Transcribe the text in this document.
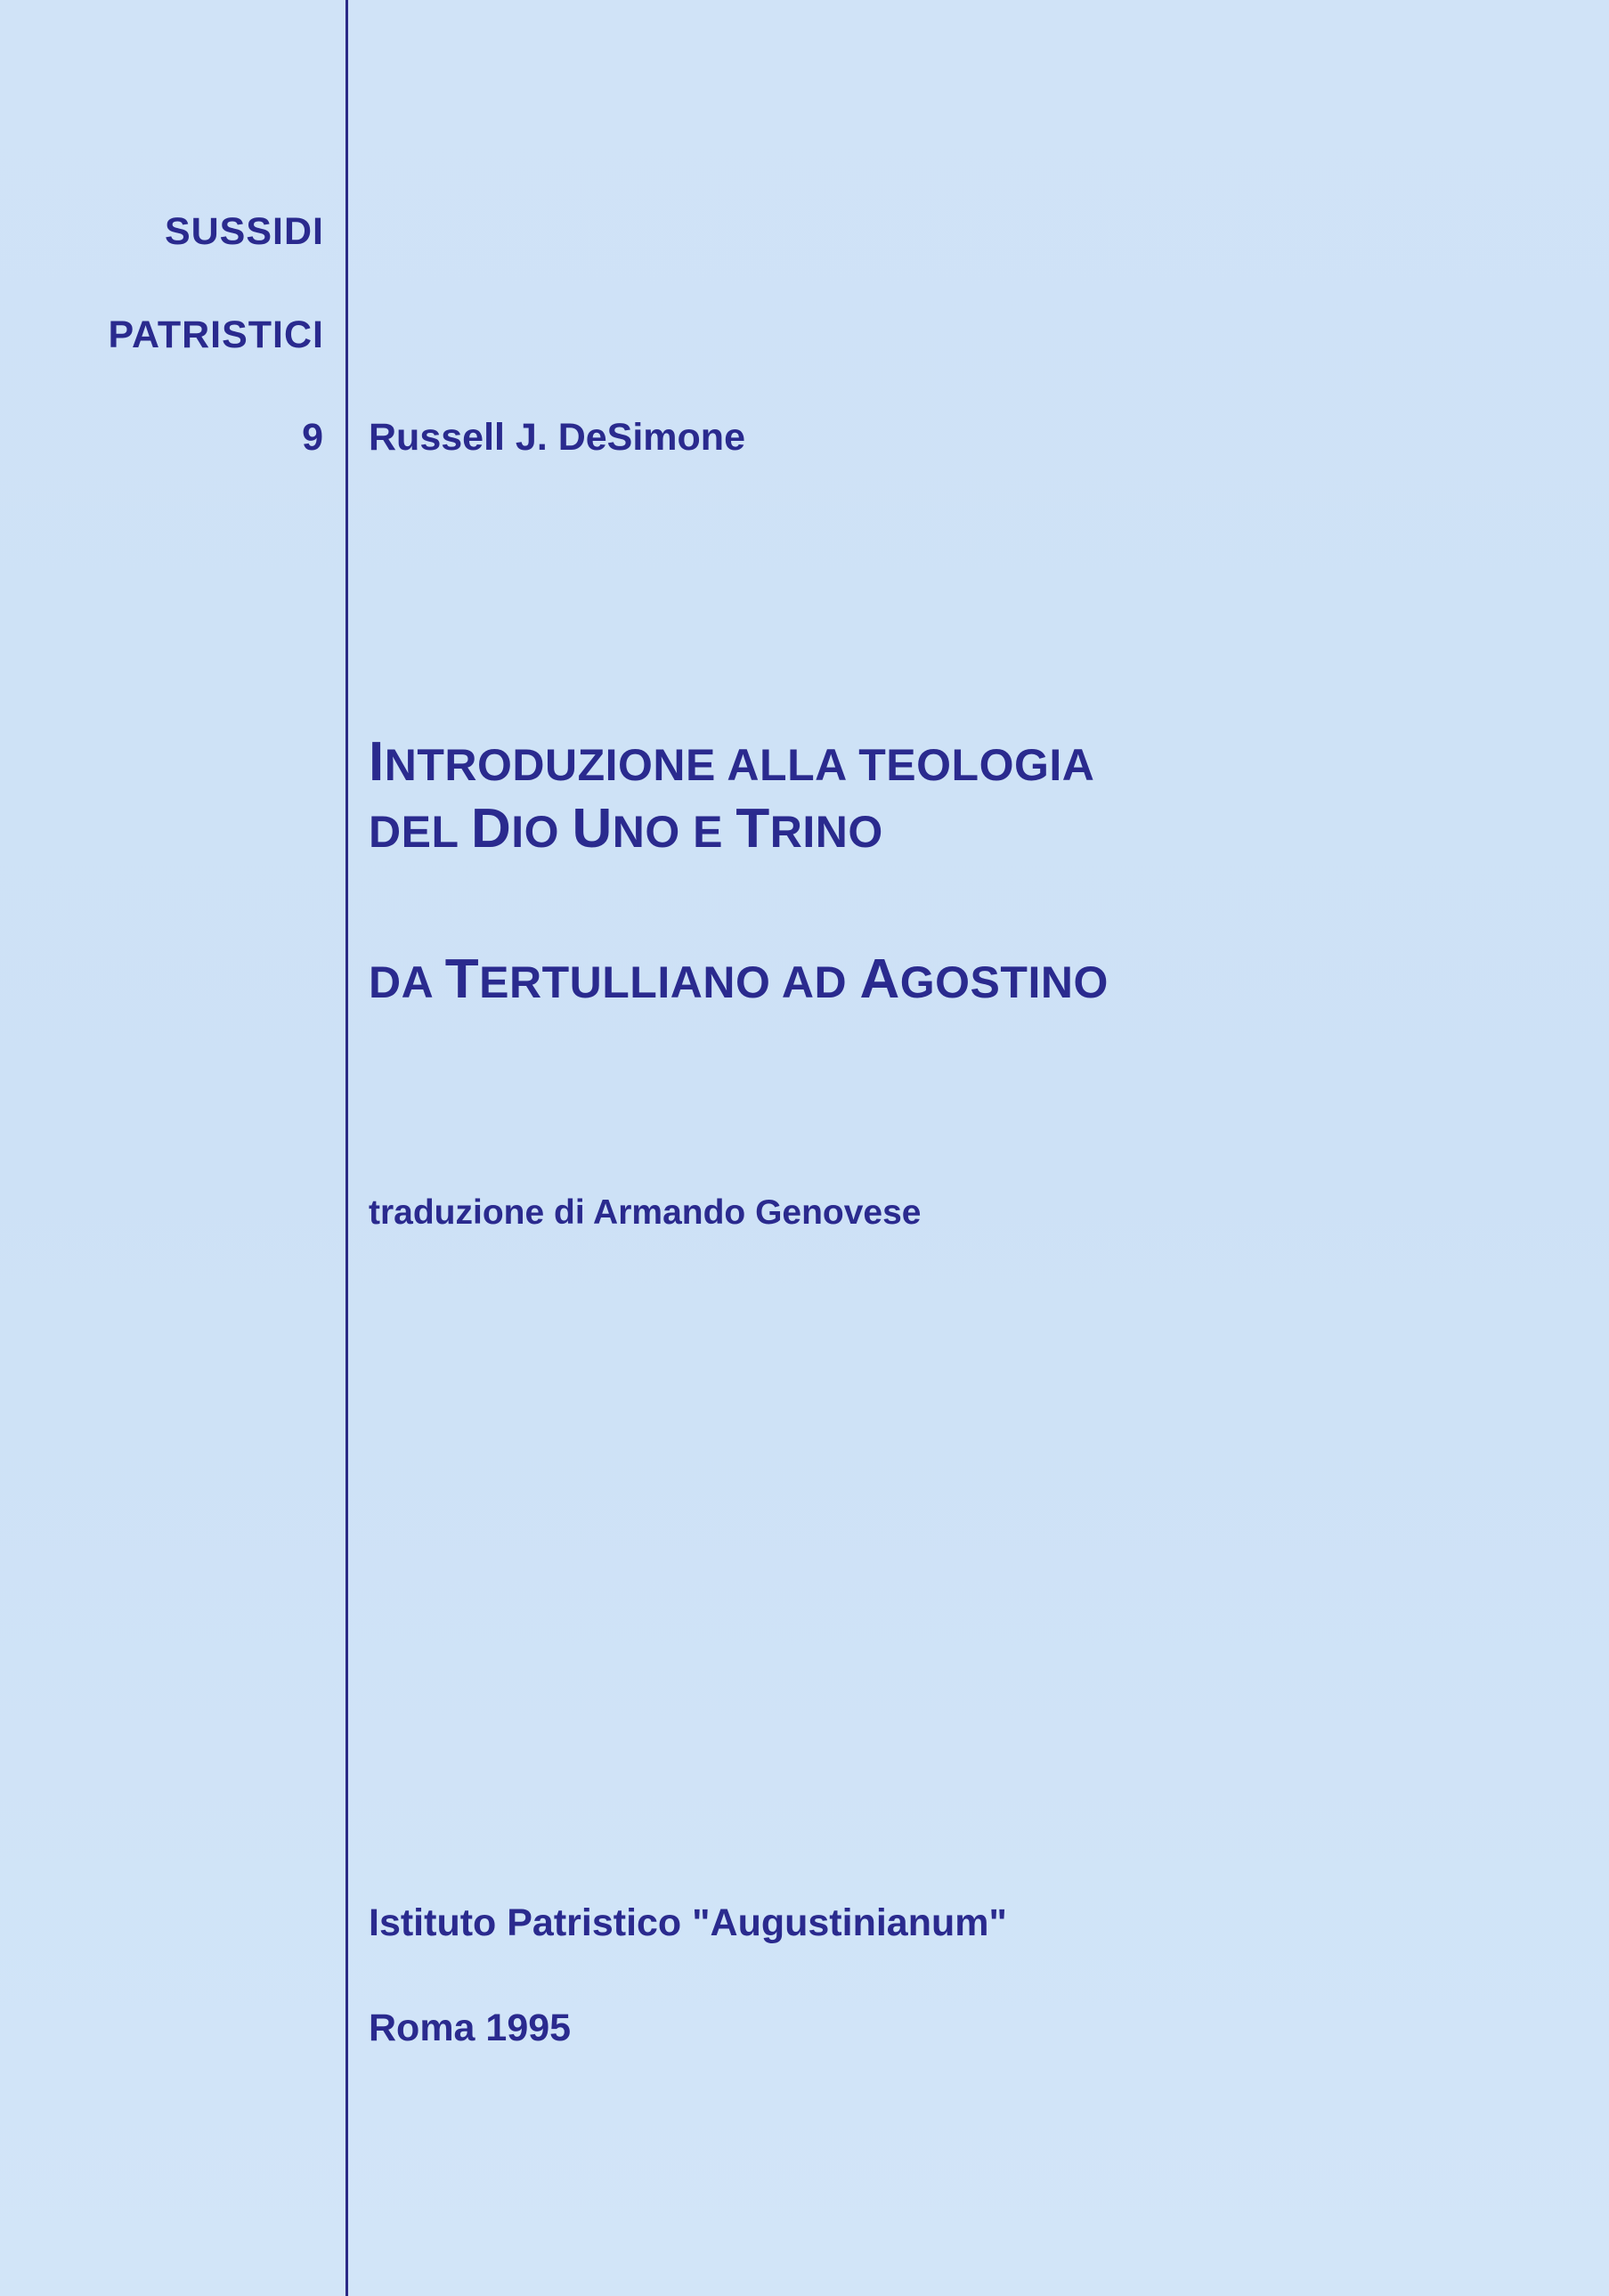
SUSSIDI
PATRISTICI
9 Russell J. DeSimone
INTRODUZIONE ALLA TEOLOGIA
DEL DIO UNO E TRINO
DA TERTULLIANO AD AGOSTINO
traduzione di Armando Genovese
Istituto Patristico "Augustinianum"
Roma 1995
